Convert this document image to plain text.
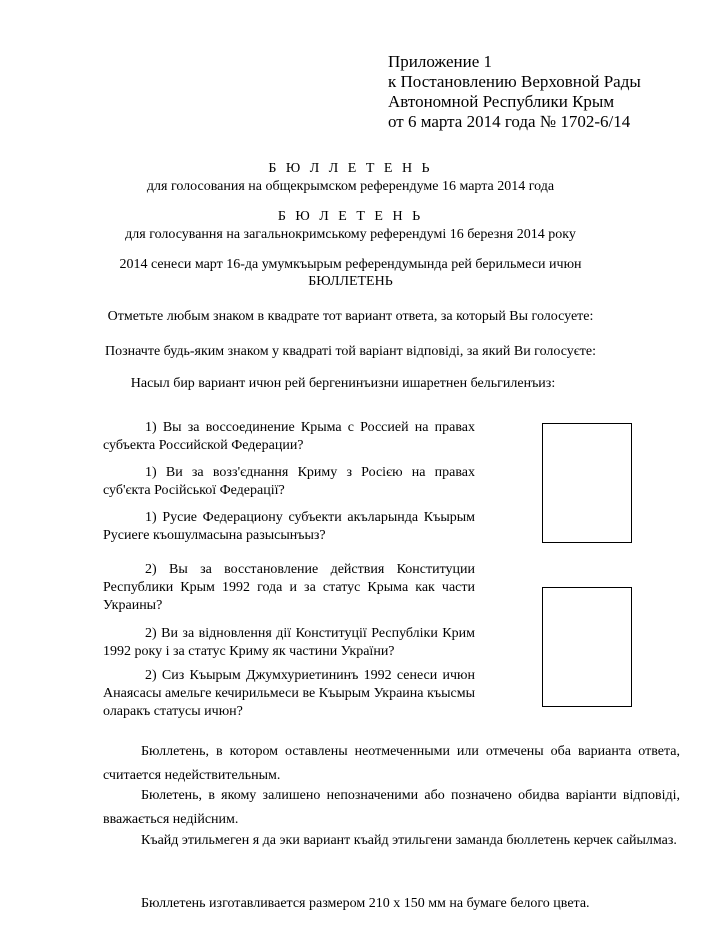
Приложение 1
к Постановлению Верховной Рады
Автономной Республики Крым
от 6 марта 2014 года № 1702-6/14
Б Ю Л Л Е Т Е Н Ь
для голосования на общекрымском референдуме 16 марта 2014 года
Б Ю Л Е Т Е Н Ь
для голосування на загальнокримському референдумі 16 березня 2014 року
2014 сенеси март 16-да умумкъырым референдумында рей берильмеси ичюн
БЮЛЛЕТЕНЬ
Отметьте любым знаком в квадрате тот вариант ответа, за который Вы голосуете:
Позначте будь-яким знаком у квадраті той варіант відповіді, за який Ви голосуєте:
Насыл бир вариант ичюн рей бергенинъизни ишаретнен бельгиленъиз:
1) Вы за воссоединение Крыма с Россией на правах субъекта Российской Федерации?
1) Ви за возз'єднання Криму з Росією на правах суб'єкта Російської Федерації?
1) Русие Федерациону субъекти акъларында Къырым Русиеге къошулмасына разысынъыз?
2) Вы за восстановление действия Конституции Республики Крым 1992 года и за статус Крыма как части Украины?
2) Ви за відновлення дії Конституції Республіки Крим 1992 року і за статус Криму як частини України?
2) Сиз Къырым Джумхуриетининъ 1992 сенеси ичюн Анаясасы амельге кечирильмеси ве Къырым Украина къысмы оларакъ статусы ичюн?

Бюллетень, в котором оставлены неотмеченными или отмечены оба варианта ответа, считается недействительным.

Бюлетень, в якому залишено непозначеними або позначено обидва варіанти відповіді, вважається недійсним.

Къайд этильмеген я да эки вариант къайд этильгени заманда бюллетень керчек сайылмаз.

Бюллетень изготавливается размером 210 х 150 мм на бумаге белого цвета.
